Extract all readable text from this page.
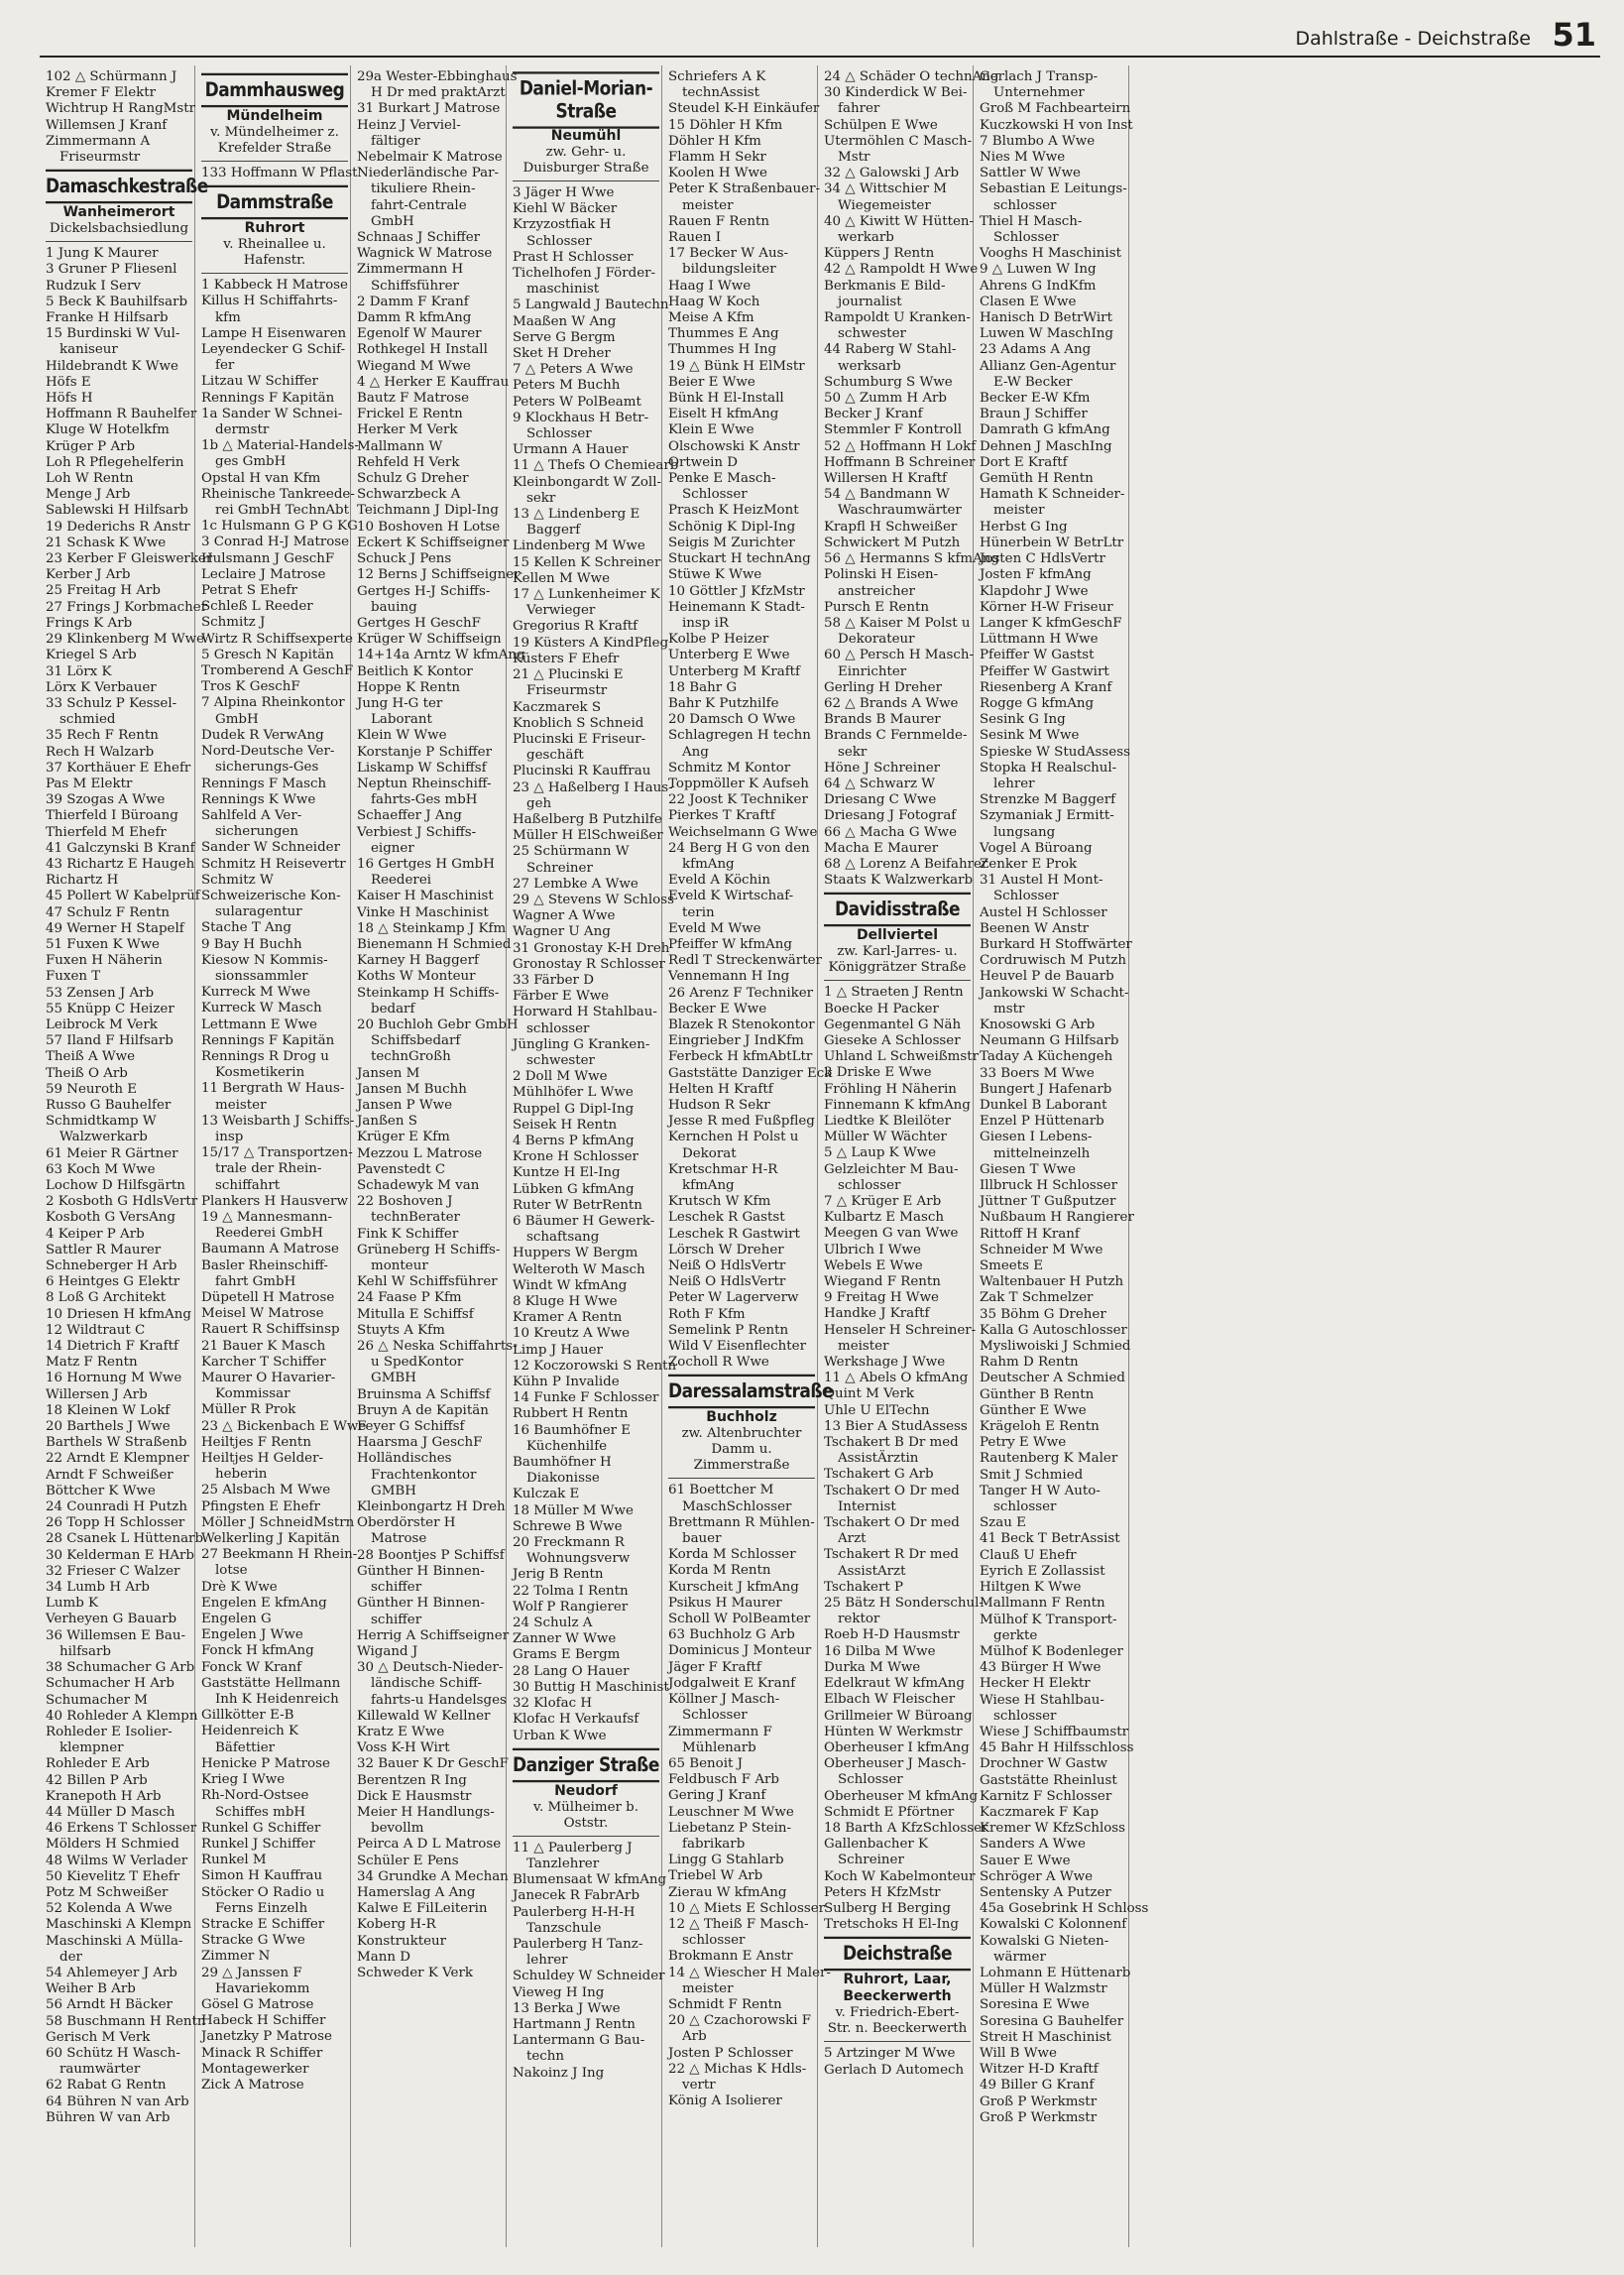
Dahlstraße - Deichstraße 51
102 △ Schürmann J
Kremer F Elektr
Wichtrup H RangMstr
Willemsen J Kranf
Zimmermann A
Friseurmstr
Damaschkestraße
Wanheimerort
Dickelsbachsiedlung
1 Jung K Maurer
3 Gruner P Fliesenl
Rudzuk I Serv
5 Beck K Bauhilfsarb
Franke H Hilfsarb
15 Burdinski W Vul-
kaniseur
Hildebrandt K Wwe
Höfs E
Höfs H
Hoffmann R Bauhelfer
Kluge W Hotelkfm
Krüger P Arb
Loh R Pflegehelferin
Loh W Rentn
Menge J Arb
Sablewski H Hilfsarb
19 Dederichs R Anstr
21 Schask K Wwe
23 Kerber F Gleiswerker
Kerber J Arb
25 Freitag H Arb
27 Frings J Korbmacher
Frings K Arb
29 Klinkenberg M Wwe
Kriegel S Arb
31 Lörx K
Lörx K Verbauer
33 Schulz P Kessel-
schmied
35 Rech F Rentn
Rech H Walzarb
37 Korthäuer E Ehefr
Pas M Elektr
39 Szogas A Wwe
Thierfeld I Büroang
Thierfeld M Ehefr
41 Galczynski B Kranf
43 Richartz E Haugeh
Richartz H
45 Pollert W Kabelprüf
47 Schulz F Rentn
49 Werner H Stapelf
51 Fuxen K Wwe
Fuxen H Näherin
Fuxen T
53 Zensen J Arb
55 Knüpp C Heizer
Leibrock M Verk
57 Iland F Hilfsarb
Theiß A Wwe
Theiß O Arb
59 Neuroth E
Russo G Bauhelfer
Schmidtkamp W
Walzwerkarb
61 Meier R Gärtner
63 Koch M Wwe
Lochow D Hilfsgärtn
2 Kosboth G HdlsVertr
Kosboth G VersAng
4 Keiper P Arb
Sattler R Maurer
Schneberger H Arb
6 Heintges G Elektr
8 Loß G Architekt
10 Driesen H kfmAng
12 Wildtraut C
14 Dietrich F Kraftf
Matz F Rentn
16 Hornung M Wwe
Willersen J Arb
18 Kleinen W Lokf
20 Barthels J Wwe
Barthels W Straßenb
22 Arndt E Klempner
Arndt F Schweißer
Böttcher K Wwe
24 Counradi H Putzh
26 Topp H Schlosser
28 Csanek L Hüttenarb
30 Kelderman E HArb
32 Frieser C Walzer
34 Lumb H Arb
Lumb K
Verheyen G Bauarb
36 Willemsen E Bau-
hilfsarb
38 Schumacher G Arb
Schumacher H Arb
Schumacher M
40 Rohleder A Klempn
Rohleder E Isolier-
klempner
Rohleder E Arb
42 Billen P Arb
Kranepoth H Arb
44 Müller D Masch
46 Erkens T Schlosser
Mölders H Schmied
48 Wilms W Verlader
50 Kievelitz T Ehefr
Potz M Schweißer
52 Kolenda A Wwe
Maschinski A Klempn
Maschinski A Mülla-
der
54 Ahlemeyer J Arb
Weiher B Arb
56 Arndt H Bäcker
58 Buschmann H Rentn
Gerisch M Verk
60 Schütz H Wasch-
raumwärter
62 Rabat G Rentn
64 Bühren N van Arb
Bühren W van Arb
Dammhausweg
Mündelheim
v. Mündelheimer z. Krefelder Straße
133 Hoffmann W Pflast
Dammstraße
Ruhrort
v. Rheinallee u. Hafenstr.
1 Kabbeck H Matrose
Killus H Schiffahrts-
kfm
Lampe H Eisenwaren
Leyendecker G Schif-
fer
Litzau W Schiffer
Rennings F Kapitän
1a Sander W Schnei-
dermstr
1b △ Material-Handels-
ges GmbH
Opstal H van Kfm
Rheinische Tankreede-
rei GmbH TechnAbt
1c Hulsmann G P G KG
3 Conrad H-J Matrose
Hulsmann J GeschF
Leclaire J Matrose
Petrat S Ehefr
Schleß L Reeder
Schmitz J
Wirtz R Schiffsexperte
5 Gresch N Kapitän
Tromberend A GeschF
Tros K GeschF
7 Alpina Rheinkontor
GmbH
Dudek R VerwAng
Nord-Deutsche Ver-
sicherungs-Ges
Rennings F Masch
Rennings K Wwe
Sahlfeld A Ver-
sicherungen
Sander W Schneider
Schmitz H Reisevertr
Schmitz W
Schweizerische Kon-
sularagentur
Stache T Ang
9 Bay H Buchh
Kiesow N Kommis-
sionssammler
Kurreck M Wwe
Kurreck W Masch
Lettmann E Wwe
Rennings F Kapitän
Rennings R Drog u
Kosmetikerin
11 Bergrath W Haus-
meister
13 Weisbarth J Schiffs-
insp
15/17 △ Transportzen-
trale der Rhein-
schiffahrt
Plankers H Hausverw
19 △ Mannesmann-
Reederei GmbH
Baumann A Matrose
Basler Rheinschiff-
fahrt GmbH
Düpetell H Matrose
Meisel W Matrose
Rauert R Schiffsinsp
21 Bauer K Masch
Karcher T Schiffer
Maurer O Havarier-
Kommissar
Müller R Prok
23 △ Bickenbach E Wwe
Heiltjes F Rentn
Heiltjes H Gelder-
heberin
25 Alsbach M Wwe
Pfingsten E Ehefr
Möller J SchneidMstrn
Welkerling J Kapitän
27 Beekmann H Rhein-
lotse
Drè K Wwe
Engelen E kfmAng
Engelen G
Engelen J Wwe
Fonck H kfmAng
Fonck W Kranf
Gaststätte Hellmann
Inh K Heidenreich
Gillkötter E-B
Heidenreich K
Bäfettier
Henicke P Matrose
Krieg I Wwe
Rh-Nord-Ostsee
Schiffes mbH
Runkel G Schiffer
Runkel J Schiffer
Runkel M
Simon H Kauffrau
Stöcker O Radio u
Ferns Einzelh
Stracke E Schiffer
Stracke G Wwe
Zimmer N
29 △ Janssen F
Havariekomm
Gösel G Matrose
Habeck H Schiffer
Janetzky P Matrose
Minack R Schiffer
Montagewerker
Zick A Matrose
29a Wester-Ebbinghaus
H Dr med praktArzt
31 Burkart J Matrose
Heinz J Verviel-
fältiger
Nebelmair K Matrose
Niederländische Par-
tikuliere Rhein-
fahrt-Centrale
GmbH
Schnaas J Schiffer
Wagnick W Matrose
Zimmermann H
Schiffsführer
2 Damm F Kranf
Damm R kfmAng
Egenolf W Maurer
Rothkegel H Install
Wiegand M Wwe
4 △ Herker E Kauffrau
Bautz F Matrose
Frickel E Rentn
Herker M Verk
Mallmann W
Rehfeld H Verk
Schulz G Dreher
Schwarzbeck A
Teichmann J Dipl-Ing
10 Boshoven H Lotse
Eckert K Schiffseigner
Schuck J Pens
12 Berns J Schiffseigner
Gertges H-J Schiffs-
bauing
Gertges H GeschF
Krüger W Schiffseign
14+14a Arntz W kfmAng
Beitlich K Kontor
Hoppe K Rentn
Jung H-G ter
Laborant
Klein W Wwe
Korstanje P Schiffer
Liskamp W Schiffsf
Neptun Rheinschiff-
fahrts-Ges mbH
Schaeffer J Ang
Verbiest J Schiffs-
eigner
16 Gertges H GmbH
Reederei
Kaiser H Maschinist
Vinke H Maschinist
18 △ Steinkamp J Kfm
Bienemann H Schmied
Karney H Baggerf
Koths W Monteur
Steinkamp H Schiffs-
bedarf
20 Buchloh Gebr GmbH
Schiffsbedarf
technGroßh
Jansen M
Jansen M Buchh
Jansen P Wwe
Janßen S
Krüger E Kfm
Mezzou L Matrose
Pavenstedt C
Schadewyk M van
22 Boshoven J
technBerater
Fink K Schiffer
Grüneberg H Schiffs-
monteur
Kehl W Schiffsführer
24 Faase P Kfm
Mitulla E Schiffsf
Stuyts A Kfm
26 △ Neska Schiffahrts-
u SpedKontor
GMBH
Bruinsma A Schiffsf
Bruyn A de Kapitän
Feyer G Schiffsf
Haarsma J GeschF
Holländisches
Frachtenkontor
GMBH
Kleinbongartz H Dreh
Oberdörster H
Matrose
28 Boontjes P Schiffsf
Günther H Binnen-
schiffer
Günther H Binnen-
schiffer
Herrig A Schiffseigner
Wigand J
30 △ Deutsch-Nieder-
ländische Schiff-
fahrts-u Handelsges
Killewald W Kellner
Kratz E Wwe
Voss K-H Wirt
32 Bauer K Dr GeschF
Berentzen R Ing
Dick E Hausmstr
Meier H Handlungs-
bevollm
Peirca A D L Matrose
Schüler E Pens
34 Grundke A Mechan
Hamerslag A Ang
Kalwe E FilLeiterin
Koberg H-R
Konstrukteur
Mann D
Schweder K Verk
Daniel-Morian-Straße
Neumühl
zw. Gehr- u. Duisburger Straße
3 Jäger H Wwe
Kiehl W Bäcker
Krzyzostfiak H
Schlosser
Prast H Schlosser
Tichelhofen J Förder-
maschinist
5 Langwald J Bautechn
Maaßen W Ang
Serve G Bergm
Sket H Dreher
7 △ Peters A Wwe
Peters M Buchh
Peters W PolBeamt
9 Klockhaus H Betr-
Schlosser
Urmann A Hauer
11 △ Thefs O Chemiearb
Kleinbongardt W Zoll-
sekr
13 △ Lindenberg E
Baggerf
Lindenberg M Wwe
15 Kellen K Schreiner
Kellen M Wwe
17 △ Lunkenheimer K
Verwieger
Gregorius R Kraftf
19 Küsters A KindPfleg
Küsters F Ehefr
21 △ Plucinski E
Friseurmstr
Kaczmarek S
Knoblich S Schneid
Plucinski E Friseur-
geschäft
Plucinski R Kauffrau
23 △ Haßelberg I Haus-
geh
Haßelberg B Putzhilfe
Müller H ElSchweißer
25 Schürmann W
Schreiner
27 Lembke A Wwe
29 △ Stevens W Schloss
Wagner A Wwe
Wagner U Ang
31 Gronostay K-H Dreh
Gronostay R Schlosser
33 Färber D
Färber E Wwe
Horward H Stahlbau-
schlosser
Jüngling G Kranken-
schwester
2 Doll M Wwe
Mühlhöfer L Wwe
Ruppel G Dipl-Ing
Seisek H Rentn
4 Berns P kfmAng
Krone H Schlosser
Kuntze H El-Ing
Lübken G kfmAng
Ruter W BetrRentn
6 Bäumer H Gewerk-
schaftsang
Huppers W Bergm
Welteroth W Masch
Windt W kfmAng
8 Kluge H Wwe
Kramer A Rentn
10 Kreutz A Wwe
Limp J Hauer
12 Koczorowski S Rentn
Kühn P Invalide
14 Funke F Schlosser
Rubbert H Rentn
16 Baumhöfner E
Küchenhilfe
Baumhöfner H
Diakonisse
Kulczak E
18 Müller M Wwe
Schrewe B Wwe
20 Freckmann R
Wohnungsverw
Jerig B Rentn
22 Tolma I Rentn
Wolf P Rangierer
24 Schulz A
Zanner W Wwe
Grams E Bergm
28 Lang O Hauer
30 Buttig H Maschinist
32 Klofac H
Klofac H Verkaufsf
Urban K Wwe
Danziger Straße
Neudorf
v. Mülheimer b. Oststr.
11 △ Paulerberg J
Tanzlehrer
Blumensaat W kfmAng
Janecek R FabrArb
Paulerberg H-H-H
Tanzschule
Paulerberg H Tanz-
lehrer
Schuldey W Schneider
Vieweg H Ing
13 Berka J Wwe
Hartmann J Rentn
Lantermann G Bau-
techn
Nakoinz J Ing
Schriefers A K
technAssist
Steudel K-H Einkäufer
15 Döhler H Kfm
Döhler H Kfm
Flamm H Sekr
Koolen H Wwe
Peter K Straßenbauer-
meister
Rauen F Rentn
Rauen I
17 Becker W Aus-
bildungsleiter
Haag I Wwe
Haag W Koch
Meise A Kfm
Thummes E Ang
Thummes H Ing
19 △ Bünk H ElMstr
Beier E Wwe
Bünk H El-Install
Eiselt H kfmAng
Klein E Wwe
Olschowski K Anstr
Ortwein D
Penke E Masch-
Schlosser
Prasch K HeizMont
Schönig K Dipl-Ing
Seigis M Zurichter
Stuckart H technAng
Stüwe K Wwe
10 Göttler J KfzMstr
Heinemann K Stadt-
insp iR
Kolbe P Heizer
Unterberg E Wwe
Unterberg M Kraftf
18 Bahr G
Bahr K Putzhilfe
20 Damsch O Wwe
Schlagregen H techn
Ang
Schmitz M Kontor
Toppmöller K Aufseh
22 Joost K Techniker
Pierkes T Kraftf
Weichselmann G Wwe
24 Berg H G von den
kfmAng
Eveld A Köchin
Eveld K Wirtschaf-
terin
Eveld M Wwe
Pfeiffer W kfmAng
Redl T Streckenwärter
Vennemann H Ing
26 Arenz F Techniker
Becker E Wwe
Blazek R Stenokontor
Eingrieber J IndKfm
Ferbeck H kfmAbtLtr
Gaststätte Danziger Eck
Helten H Kraftf
Hudson R Sekr
Jesse R med Fußpfleg
Kernchen H Polst u
Dekorat
Kretschmar H-R
kfmAng
Krutsch W Kfm
Leschek R Gastst
Leschek R Gastwirt
Lörsch W Dreher
Neiß O HdlsVertr
Neiß O HdlsVertr
Peter W Lagerverw
Roth F Kfm
Semelink P Rentn
Wild V Eisenflechter
Zocholl R Wwe
Daressalamstraße
Buchholz
zw. Altenbruchter Damm u. Zimmerstraße
61 Boettcher M
MaschSchlosser
Brettmann R Mühlen-
bauer
Korda M Schlosser
Korda M Rentn
Kurscheit J kfmAng
Psikus H Maurer
Scholl W PolBeamter
63 Buchholz G Arb
Dominicus J Monteur
Jäger F Kraftf
Jodgalweit E Kranf
Köllner J Masch-
Schlosser
Zimmermann F
Mühlenarb
65 Benoit J
Feldbusch F Arb
Gering J Kranf
Leuschner M Wwe
Liebetanz P Stein-
fabrikarb
Lingg G Stahlarb
Triebel W Arb
Zierau W kfmAng
10 △ Miets E Schlosser
12 △ Theiß F Masch-
schlosser
Brokmann E Anstr
14 △ Wiescher H Maler-
meister
Schmidt F Rentn
20 △ Czachorowski F
Arb
Josten P Schlosser
22 △ Michas K Hdls-
vertr
König A Isolierer
24 △ Schäder O technAng
30 Kinderdick W Bei-
fahrer
Schülpen E Wwe
Utermöhlen C Masch-
Mstr
32 △ Galowski J Arb
34 △ Wittschier M
Wiegemeister
40 △ Kiwitt W Hütten-
werkarb
Küppers J Rentn
42 △ Rampoldt H Wwe
Berkmanis E Bild-
journalist
Rampoldt U Kranken-
schwester
44 Raberg W Stahl-
werksarb
Schumburg S Wwe
50 △ Zumm H Arb
Becker J Kranf
Stemmler F Kontroll
52 △ Hoffmann H Lokf
Hoffmann B Schreiner
Willersen H Kraftf
54 △ Bandmann W
Waschraumwärter
Krapfl H Schweißer
Schwickert M Putzh
56 △ Hermanns S kfmAng
Polinski H Eisen-
anstreicher
Pursch E Rentn
58 △ Kaiser M Polst u
Dekorateur
60 △ Persch H Masch-
Einrichter
Gerling H Dreher
62 △ Brands A Wwe
Brands B Maurer
Brands C Fernmelde-
sekr
Höne J Schreiner
64 △ Schwarz W
Driesang C Wwe
Driesang J Fotograf
66 △ Macha G Wwe
Macha E Maurer
68 △ Lorenz A Beifahrer
Staats K Walzwerkarb
Davidisstraße
Dellviertel
zw. Karl-Jarres- u. Königgrätzer Straße
1 △ Straeten J Rentn
Boecke H Packer
Gegenmantel G Näh
Gieseke A Schlosser
Uhland L Schweißmstr
3 Driske E Wwe
Fröhling H Näherin
Finnemann K kfmAng
Liedtke K Bleilöter
Müller W Wächter
5 △ Laup K Wwe
Gelzleichter M Bau-
schlosser
7 △ Krüger E Arb
Kulbartz E Masch
Meegen G van Wwe
Ulbrich I Wwe
Webels E Wwe
Wiegand F Rentn
9 Freitag H Wwe
Handke J Kraftf
Henseler H Schreiner-
meister
Werkshage J Wwe
11 △ Abels O kfmAng
Quint M Verk
Uhle U ElTechn
13 Bier A StudAssess
Tschakert B Dr med
AssistÄrztin
Tschakert G Arb
Tschakert O Dr med
Internist
Tschakert O Dr med
Arzt
Tschakert R Dr med
AssistArzt
Tschakert P
25 Bätz H Sonderschul-
rektor
Roeb H-D Hausmstr
16 Dilba M Wwe
Durka M Wwe
Edelkraut W kfmAng
Elbach W Fleischer
Grillmeier W Büroang
Hünten W Werkmstr
Oberheuser I kfmAng
Oberheuser J Masch-
Schlosser
Oberheuser M kfmAng
Schmidt E Pförtner
18 Barth A KfzSchlosser
Gallenbacher K
Schreiner
Koch W Kabelmonteur
Peters H KfzMstr
Sulberg H Berging
Tretschoks H El-Ing
Deichstraße
Ruhrort, Laar, Beeckerwerth
v. Friedrich-Ebert-Str. n. Beeckerwerth
5 Artzinger M Wwe
Gerlach D Automech
Gerlach J Transp-
Unternehmer
Groß M Fachbearteirn
Kuczkowski H von Inst
7 Blumbo A Wwe
Nies M Wwe
Sattler W Wwe
Sebastian E Leitungs-
schlosser
Thiel H Masch-
Schlosser
Vooghs H Maschinist
9 △ Luwen W Ing
Ahrens G IndKfm
Clasen E Wwe
Hanisch D BetrWirt
Luwen W MaschIng
23 Adams A Ang
Allianz Gen-Agentur
E-W Becker
Becker E-W Kfm
Braun J Schiffer
Damrath G kfmAng
Dehnen J MaschIng
Dort E Kraftf
Gemüth H Rentn
Hamath K Schneider-
meister
Herbst G Ing
Hünerbein W BetrLtr
Josten C HdlsVertr
Josten F kfmAng
Klapdohr J Wwe
Körner H-W Friseur
Langer K kfmGeschF
Lüttmann H Wwe
Pfeiffer W Gastst
Pfeiffer W Gastwirt
Riesenberg A Kranf
Rogge G kfmAng
Sesink G Ing
Sesink M Wwe
Spieske W StudAssess
Stopka H Realschul-
lehrer
Strenzke M Baggerf
Szymaniak J Ermitt-
lungsang
Vogel A Büroang
Zenker E Prok
31 Austel H Mont-
Schlosser
Austel H Schlosser
Beenen W Anstr
Burkard H Stoffwärter
Cordruwisch M Putzh
Heuvel P de Bauarb
Jankowski W Schacht-
mstr
Knosowski G Arb
Neumann G Hilfsarb
Taday A Küchengeh
33 Boers M Wwe
Bungert J Hafenarb
Dunkel B Laborant
Enzel P Hüttenarb
Giesen I Lebens-
mittelneinzelh
Giesen T Wwe
Illbruck H Schlosser
Jüttner T Gußputzer
Nußbaum H Rangierer
Rittoff H Kranf
Schneider M Wwe
Smeets E
Waltenbauer H Putzh
Zak T Schmelzer
35 Böhm G Dreher
Kalla G Autoschlosser
Mysliwoiski J Schmied
Rahm D Rentn
Deutscher A Schmied
Günther B Rentn
Günther E Wwe
Krägeloh E Rentn
Petry E Wwe
Rautenberg K Maler
Smit J Schmied
Tanger H W Auto-
schlosser
Szau E
41 Beck T BetrAssist
Clauß U Ehefr
Eyrich E Zollassist
Hiltgen K Wwe
Mallmann F Rentn
Mülhof K Transport-
gerkte
Mülhof K Bodenleger
43 Bürger H Wwe
Hecker H Elektr
Wiese H Stahlbau-
schlosser
Wiese J Schiffbaumstr
45 Bahr H Hilfsschloss
Drochner W Gastw
Gaststätte Rheinlust
Karnitz F Schlosser
Kaczmarek F Kap
Kremer W KfzSchloss
Sanders A Wwe
Sauer E Wwe
Schröger A Wwe
Sentensky A Putzer
45a Gosebrink H Schloss
Kowalski C Kolonnenf
Kowalski G Nieten-
wärmer
Lohmann E Hüttenarb
Müller H Walzmstr
Soresina E Wwe
Soresina G Bauhelfer
Streit H Maschinist
Will B Wwe
Witzer H-D Kraftf
49 Biller G Kranf
Groß P Werkmstr
Groß P Werkmstr
